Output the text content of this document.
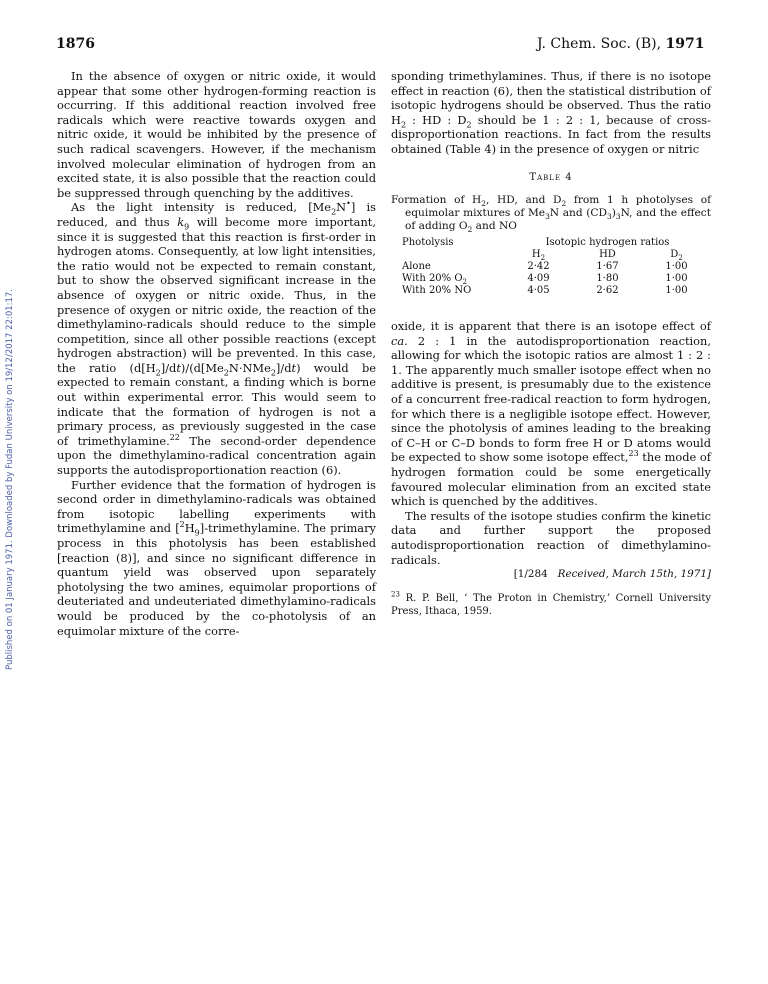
1876	J. Chem. Soc. (B), 1971
Published on 01 January 1971. Downloaded by Fudan University on 19/12/2017 22:01:17.

In the absence of oxygen or nitric oxide, it would appear that some other hydrogen-forming reaction is occurring. If this additional reaction involved free radicals which were reactive towards oxygen and nitric oxide, it would be inhibited by the presence of such radical scavengers. However, if the mechanism involved molecular elimination of hydrogen from an excited state, it is also possible that the reaction could be suppressed through quenching by the additives.

As the light intensity is reduced, $[Me_2N^•]$ is reduced, and thus $k_9$ will become more important, since it is suggested that this reaction is first-order in hydrogen atoms. Consequently, at low light intensities, the ratio would not be expected to remain constant, but to show the observed significant increase in the absence of oxygen or nitric oxide. Thus, in the presence of oxygen or nitric oxide, the reaction of the dimethylamino-radicals should reduce to the simple competition, since all other possible reactions (except hydrogen abstraction) will be prevented. In this case, the ratio $(d[H_2]/dt)/(d[Me_2N\cdot NMe_2]/dt)$ would be expected to remain constant, a finding which is borne out within experimental error. This would seem to indicate that the formation of hydrogen is not a primary process, as previously suggested in the case of trimethylamine.$^{22}$ The second-order dependence upon the dimethylamino-radical concentration again supports the autodisproportionation reaction (6).

Further evidence that the formation of hydrogen is second order in dimethylamino-radicals was obtained from isotopic labelling experiments with trimethylamine and $[^2H_9]$-trimethylamine. The primary process in this photolysis has been established [reaction (8)], and since no significant difference in quantum yield was observed upon separately photolysing the two amines, equimolar proportions of deuteriated and undeuteriated dimethylamino-radicals would be produced by the co-photolysis of an equimolar mixture of the corre-

sponding trimethylamines. Thus, if there is no isotope effect in reaction (6), then the statistical distribution of isotopic hydrogens should be observed. Thus the ratio $H_2$ : HD : $D_2$ should be 1 : 2 : 1, because of cross-disproportionation reactions. In fact from the results obtained (Table 4) in the presence of oxygen or nitric

Table 4
Formation of $H_2$, HD, and $D_2$ from 1 h photolyses of equimolar mixtures of $Me_3N$ and $(CD_3)_3N$, and the effect of adding $O_2$ and NO
Photolysis	Isotopic hydrogen ratios		
	$H_2$	HD	$D_2$
Alone	2·42	1·67	1·00
With 20% $O_2$	4·09	1·80	1·00
With 20% NO	4·05	2·62	1·00

oxide, it is apparent that there is an isotope effect of ca. 2 : 1 in the autodisproportionation reaction, allowing for which the isotopic ratios are almost 1 : 2 : 1. The apparently much smaller isotope effect when no additive is present, is presumably due to the existence of a concurrent free-radical reaction to form hydrogen, for which there is a negligible isotope effect. However, since the photolysis of amines leading to the breaking of C–H or C–D bonds to form free H or D atoms would be expected to show some isotope effect,$^{23}$ the mode of hydrogen formation could be some energetically favoured molecular elimination from an excited state which is quenched by the additives.

The results of the isotope studies confirm the kinetic data and further support the proposed autodisproportionation reaction of dimethylamino-radicals.

[1/284 Received, March 15th, 1971]
$^{23}$ R. P. Bell, ‘ The Proton in Chemistry,’ Cornell University Press, Ithaca, 1959.
